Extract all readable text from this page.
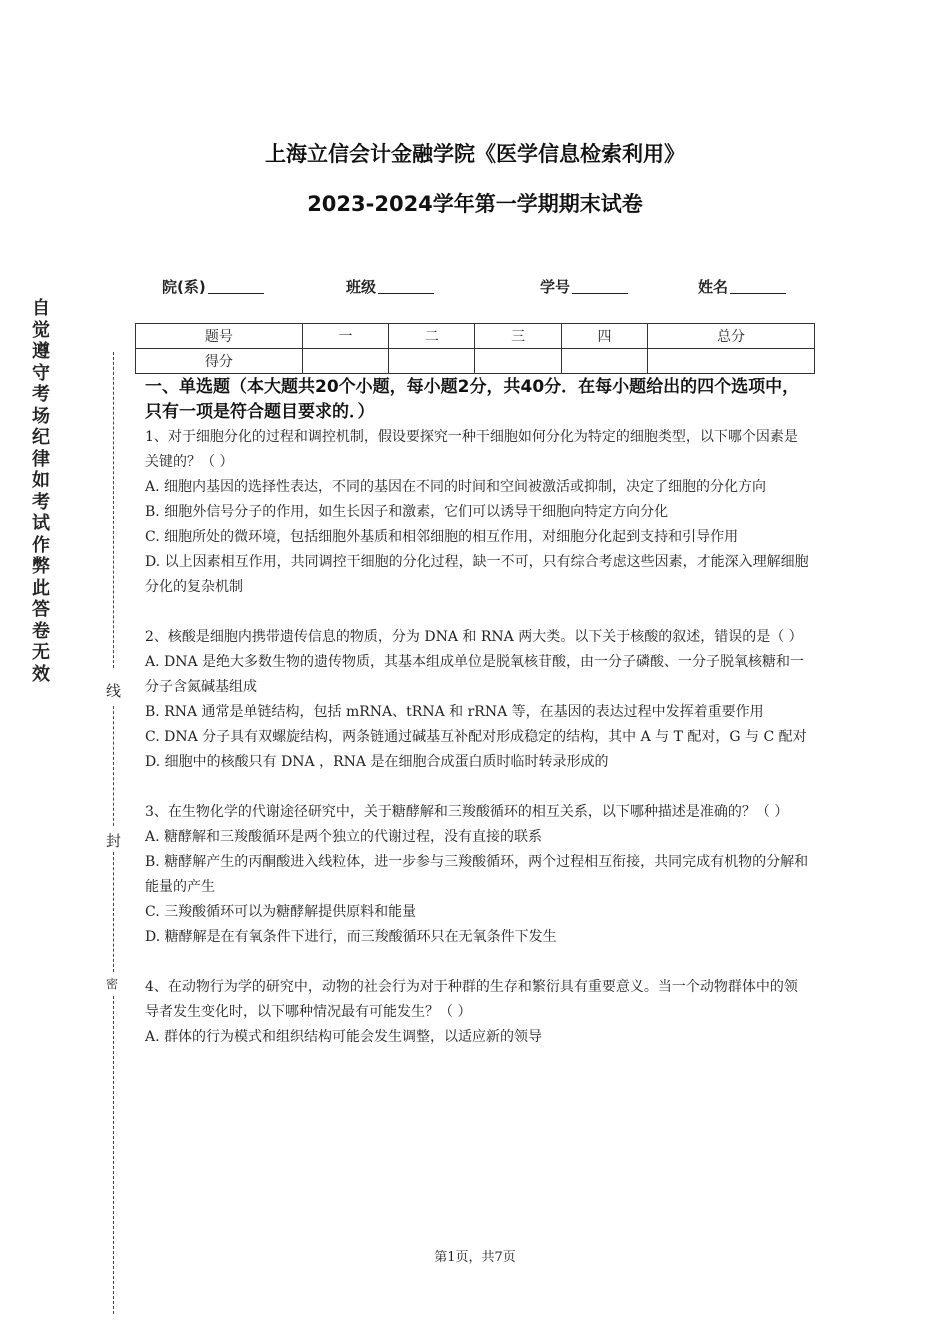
上海立信会计金融学院《医学信息检索利用》
2023-2024学年第一学期期末试卷
院(系)	班级	学号	姓名
题号	一	二	三	四	总分
得分					
自
觉
遵
守
考
场
纪
律
如
考
试
作
弊
此
答
卷
无
效
线
封
密
一、单选题（本大题共20个小题，每小题2分，共40分．在每小题给出的四个选项中，只有一项是符合题目要求的．）

1、对于细胞分化的过程和调控机制，假设要探究一种干细胞如何分化为特定的细胞类型，以下哪个因素是关键的？（ ）

A. 细胞内基因的选择性表达，不同的基因在不同的时间和空间被激活或抑制，决定了细胞的分化方向

B. 细胞外信号分子的作用，如生长因子和激素，它们可以诱导干细胞向特定方向分化

C. 细胞所处的微环境，包括细胞外基质和相邻细胞的相互作用，对细胞分化起到支持和引导作用

D. 以上因素相互作用，共同调控干细胞的分化过程，缺一不可，只有综合考虑这些因素，才能深入理解细胞分化的复杂机制

2、核酸是细胞内携带遗传信息的物质，分为 DNA 和 RNA 两大类。以下关于核酸的叙述，错误的是（ ）

A. DNA 是绝大多数生物的遗传物质，其基本组成单位是脱氧核苷酸，由一分子磷酸、一分子脱氧核糖和一分子含氮碱基组成

B. RNA 通常是单链结构，包括 mRNA、tRNA 和 rRNA 等，在基因的表达过程中发挥着重要作用

C. DNA 分子具有双螺旋结构，两条链通过碱基互补配对形成稳定的结构，其中 A 与 T 配对，G 与 C 配对

D. 细胞中的核酸只有 DNA ，RNA 是在细胞合成蛋白质时临时转录形成的

3、在生物化学的代谢途径研究中，关于糖酵解和三羧酸循环的相互关系，以下哪种描述是准确的？（ ）

A. 糖酵解和三羧酸循环是两个独立的代谢过程，没有直接的联系

B. 糖酵解产生的丙酮酸进入线粒体，进一步参与三羧酸循环，两个过程相互衔接，共同完成有机物的分解和能量的产生

C. 三羧酸循环可以为糖酵解提供原料和能量

D. 糖酵解是在有氧条件下进行，而三羧酸循环只在无氧条件下发生

4、在动物行为学的研究中，动物的社会行为对于种群的生存和繁衍具有重要意义。当一个动物群体中的领导者发生变化时，以下哪种情况最有可能发生？（ ）

A. 群体的行为模式和组织结构可能会发生调整，以适应新的领导

第1页，共7页
